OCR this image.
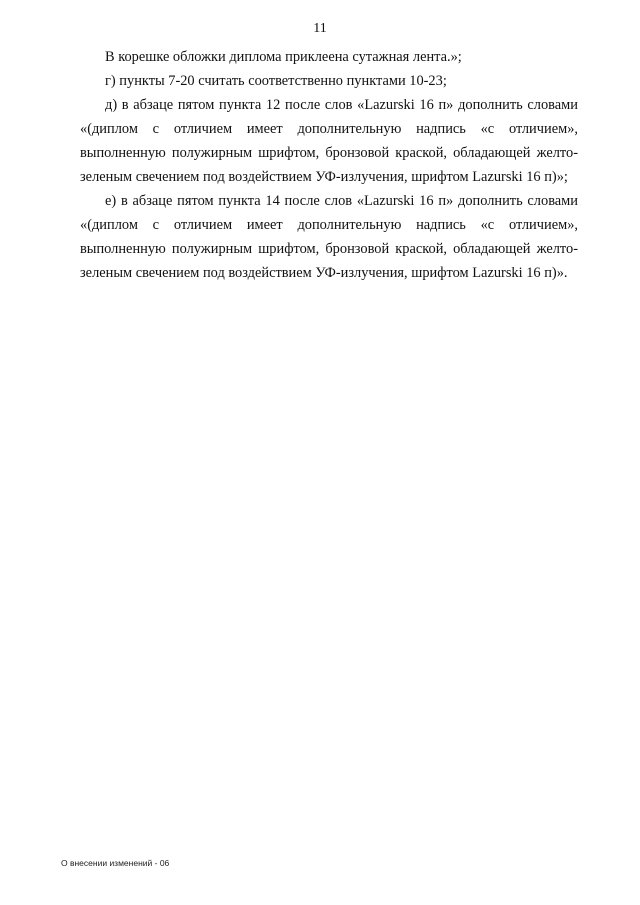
11

В корешке обложки диплома приклеена сутажная лента.»;

г) пункты 7-20 считать соответственно пунктами 10-23;

д) в абзаце пятом пункта 12 после слов «Lazurski 16 п» дополнить словами «(диплом с отличием имеет дополнительную надпись «с отличием», выполненную полужирным шрифтом, бронзовой краской, обладающей желто-зеленым свечением под воздействием УФ-излучения, шрифтом Lazurski 16 п)»;

е) в абзаце пятом пункта 14 после слов «Lazurski 16 п» дополнить словами «(диплом с отличием имеет дополнительную надпись «с отличием», выполненную полужирным шрифтом, бронзовой краской, обладающей желто-зеленым свечением под воздействием УФ-излучения, шрифтом Lazurski 16 п)».

О внесении изменений - 06
